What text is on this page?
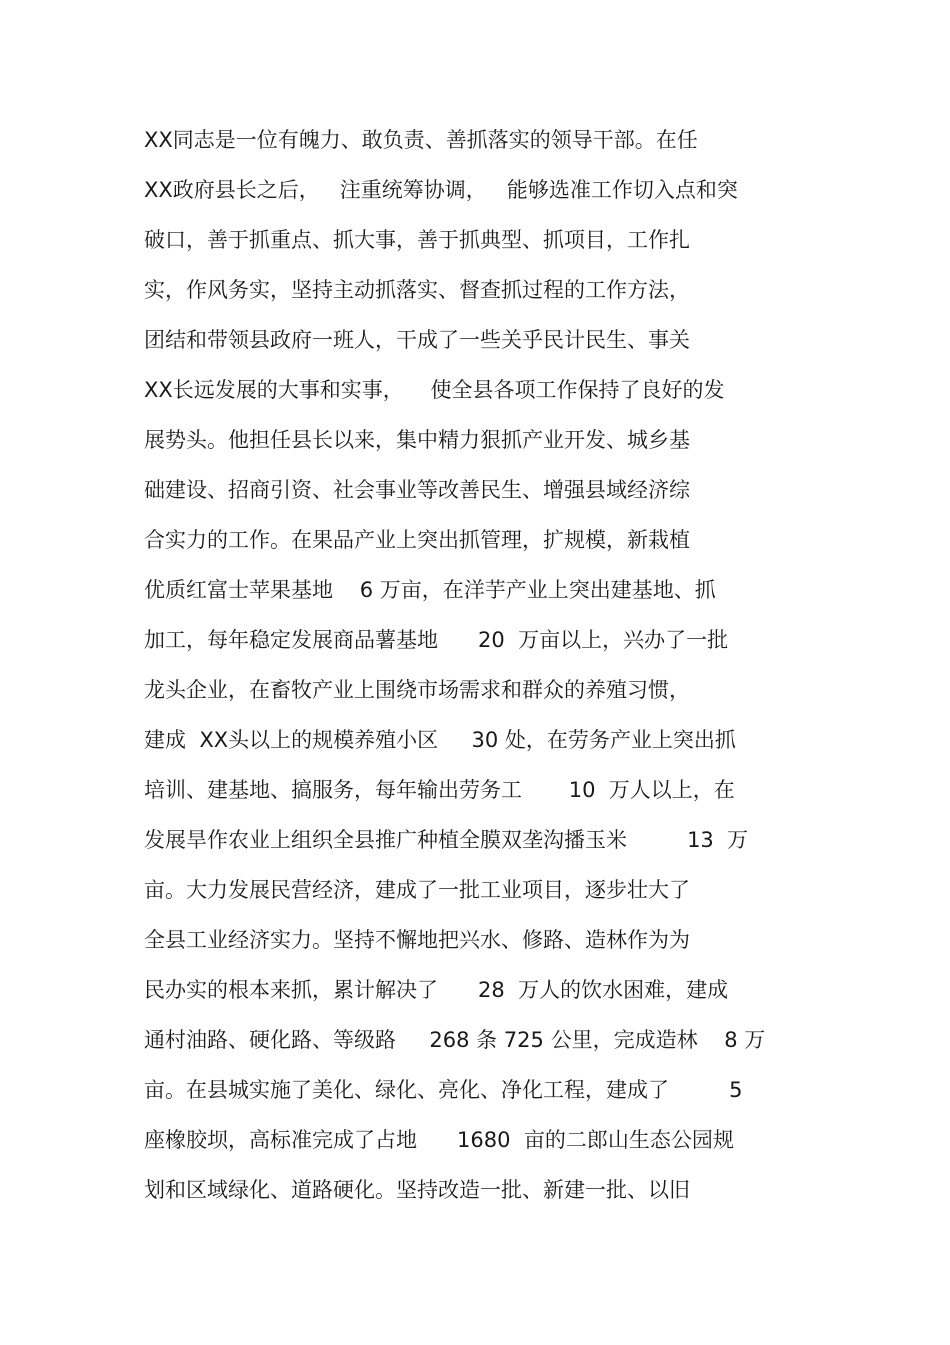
XX同志是一位有魄力、敢负责、善抓落实的领导干部。在任
XX政府县长之后，   注重统筹协调，   能够选准工作切入点和突
破口，善于抓重点、抓大事，善于抓典型、抓项目，工作扎
实，作风务实，坚持主动抓落实、督查抓过程的工作方法，
团结和带领县政府一班人，干成了一些关乎民计民生、事关
XX长远发展的大事和实事，    使全县各项工作保持了良好的发
展势头。他担任县长以来，集中精力狠抓产业开发、城乡基
础建设、招商引资、社会事业等改善民生、增强县域经济综
合实力的工作。在果品产业上突出抓管理，扩规模，新栽植
优质红富士苹果基地    6 万亩，在洋芋产业上突出建基地、抓
加工，每年稳定发展商品薯基地      20  万亩以上，兴办了一批
龙头企业，在畜牧产业上围绕市场需求和群众的养殖习惯，
建成  XX头以上的规模养殖小区     30 处，在劳务产业上突出抓
培训、建基地、搞服务，每年输出劳务工       10  万人以上，在
发展旱作农业上组织全县推广种植全膜双垄沟播玉米         13  万
亩。大力发展民营经济，建成了一批工业项目，逐步壮大了
全县工业经济实力。坚持不懈地把兴水、修路、造林作为为
民办实的根本来抓，累计解决了      28  万人的饮水困难，建成
通村油路、硬化路、等级路     268 条 725 公里，完成造林    8 万
亩。在县城实施了美化、绿化、亮化、净化工程，建成了         5
座橡胶坝，高标准完成了占地      1680  亩的二郎山生态公园规
划和区域绿化、道路硬化。坚持改造一批、新建一批、以旧
